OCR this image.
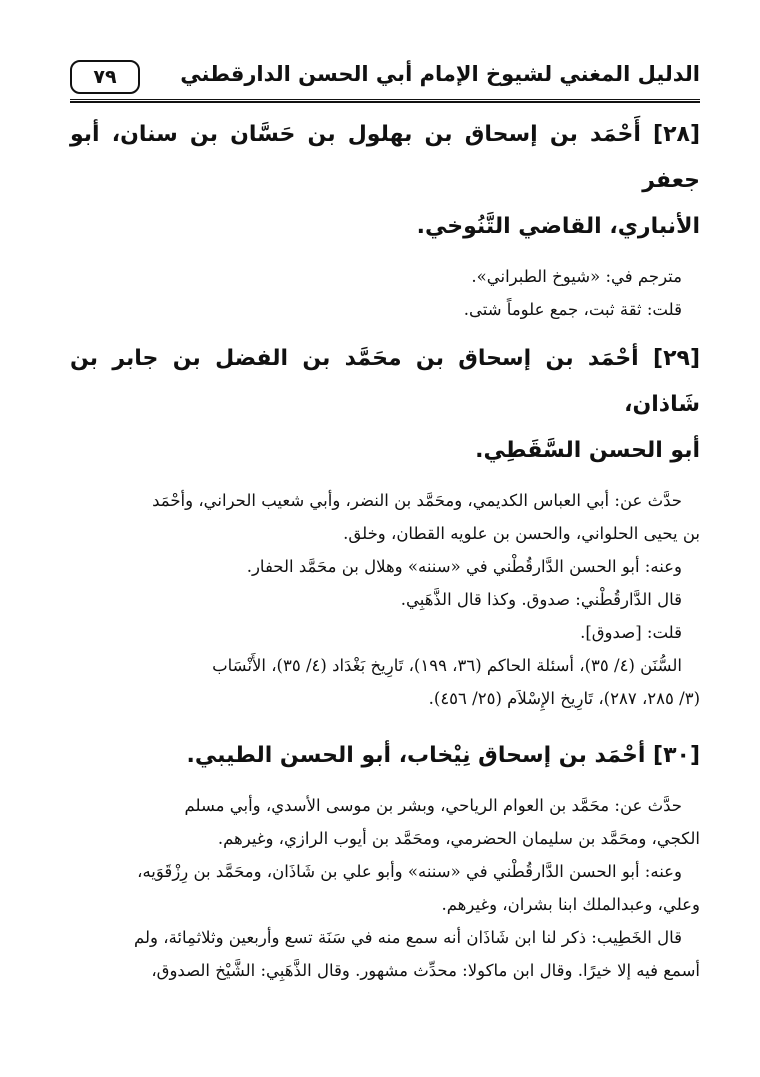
الدليل المغني لشيوخ الإمام أبي الحسن الدارقطني
٧٩
[٢٨] أَحْمَد بن إسحاق بن بهلول بن حَسَّان بن سنان، أبو جعفر
الأنباري، القاضي التَّنُوخي.

مترجم في: «شيوخ الطبراني».

قلت: ثقة ثبت، جمع علوماً شتى.

[٢٩] أحْمَد بن إسحاق بن محَمَّد بن الفضل بن جابر بن شَاذان،
أبو الحسن السَّقَطِي.

حدَّث عن: أبي العباس الكديمي، ومحَمَّد بن النضر، وأبي شعيب الحراني، وأحْمَد

بن يحيى الحلواني، والحسن بن علويه القطان، وخلق.

وعنه: أبو الحسن الدَّارقُطْني في «سننه» وهلال بن محَمَّد الحفار.

قال الدَّارقُطْني: صدوق. وكذا قال الذَّهَبِي.

قلت: [صدوق].

السُّنَن (٤/ ٣٥)، أسئلة الحاكم (٣٦، ١٩٩)، تَارِيخ بَغْدَاد (٤/ ٣٥)، الأَنْسَاب

(٣/ ٢٨٥، ٢٨٧)، تَارِيخ الإِسْلاَم (٢٥/ ٤٥٦).

[٣٠] أحْمَد بن إسحاق نِيْخاب، أبو الحسن الطيبي.

حدَّث عن: محَمَّد بن العوام الرياحي، وبشر بن موسى الأسدي، وأبي مسلم

الكجي، ومحَمَّد بن سليمان الحضرمي، ومحَمَّد بن أيوب الرازي، وغيرهم.

وعنه: أبو الحسن الدَّارقُطْني في «سننه» وأبو علي بن شَاذَان، ومحَمَّد بن رِزْقَوَيه،

وعلي، وعبدالملك ابنا بشران، وغيرهم.

قال الخَطِيب: ذكر لنا ابن شَاذَان أنه سمع منه في سَنَة تسع وأربعين وثلاثمِائة، ولم

أسمع فيه إلا خيرًا. وقال ابن ماكولا: محدِّث مشهور. وقال الذَّهَبِي: الشَّيْخ الصدوق،
